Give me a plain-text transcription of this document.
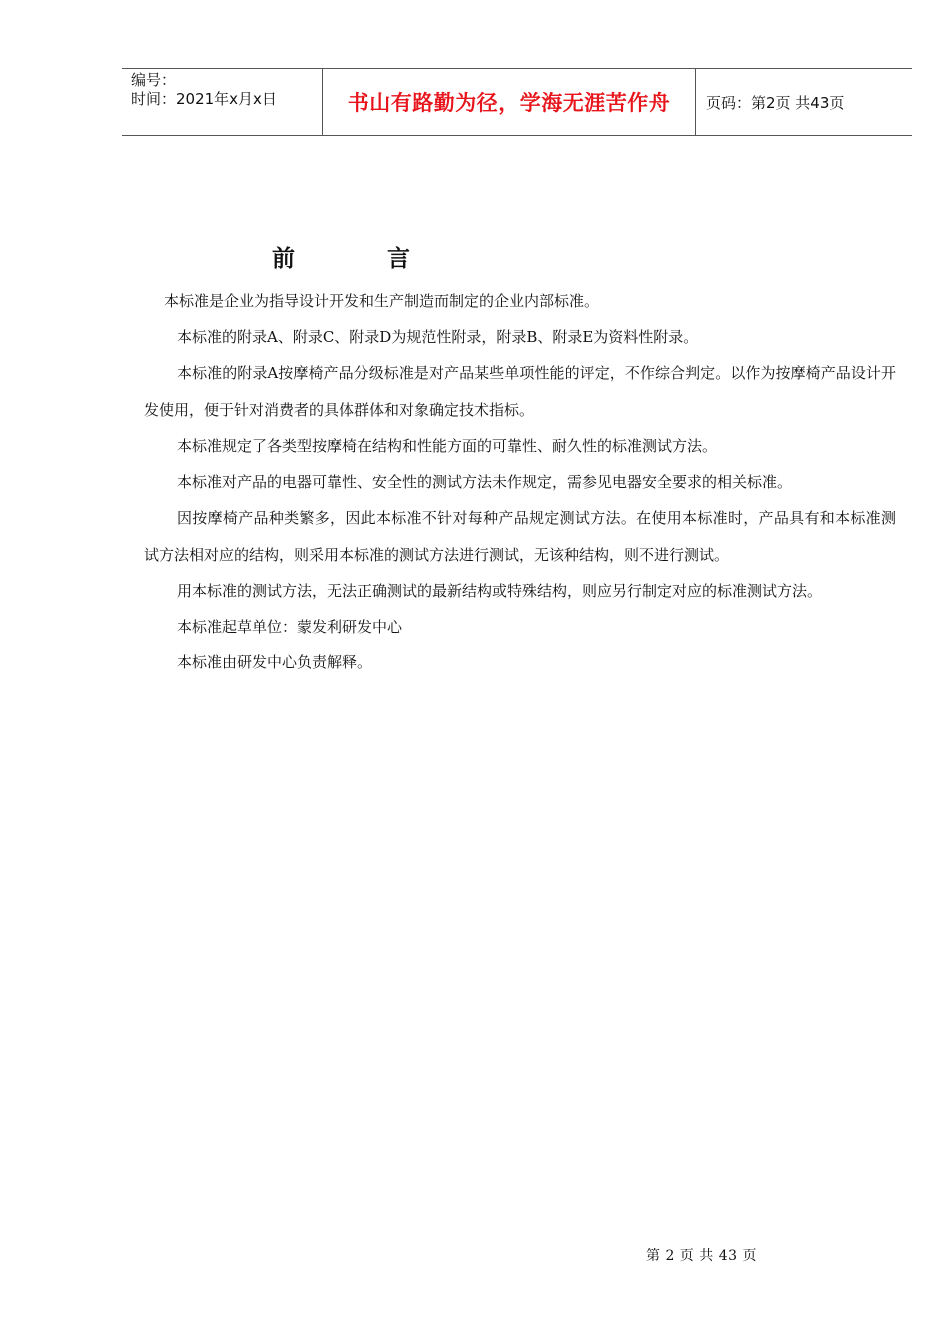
编号：
时间：2021年x月x日	书山有路勤为径，学海无涯苦作舟 页码：第2页 共43页
前	言

本标准是企业为指导设计开发和生产制造而制定的企业内部标准。

本标准的附录A、附录C、附录D为规范性附录，附录B、附录E为资料性附录。

本标准的附录A按摩椅产品分级标准是对产品某些单项性能的评定，不作综合判定。以作为按摩椅产品设计开发使用，便于针对消费者的具体群体和对象确定技术指标。

本标准规定了各类型按摩椅在结构和性能方面的可靠性、耐久性的标准测试方法。

本标准对产品的电器可靠性、安全性的测试方法未作规定，需参见电器安全要求的相关标准。

因按摩椅产品种类繁多，因此本标准不针对每种产品规定测试方法。在使用本标准时，产品具有和本标准测试方法相对应的结构，则采用本标准的测试方法进行测试，无该种结构，则不进行测试。

用本标准的测试方法，无法正确测试的最新结构或特殊结构，则应另行制定对应的标准测试方法。

本标准起草单位：蒙发利研发中心

本标准由研发中心负责解释。

第 2 页 共 43 页
